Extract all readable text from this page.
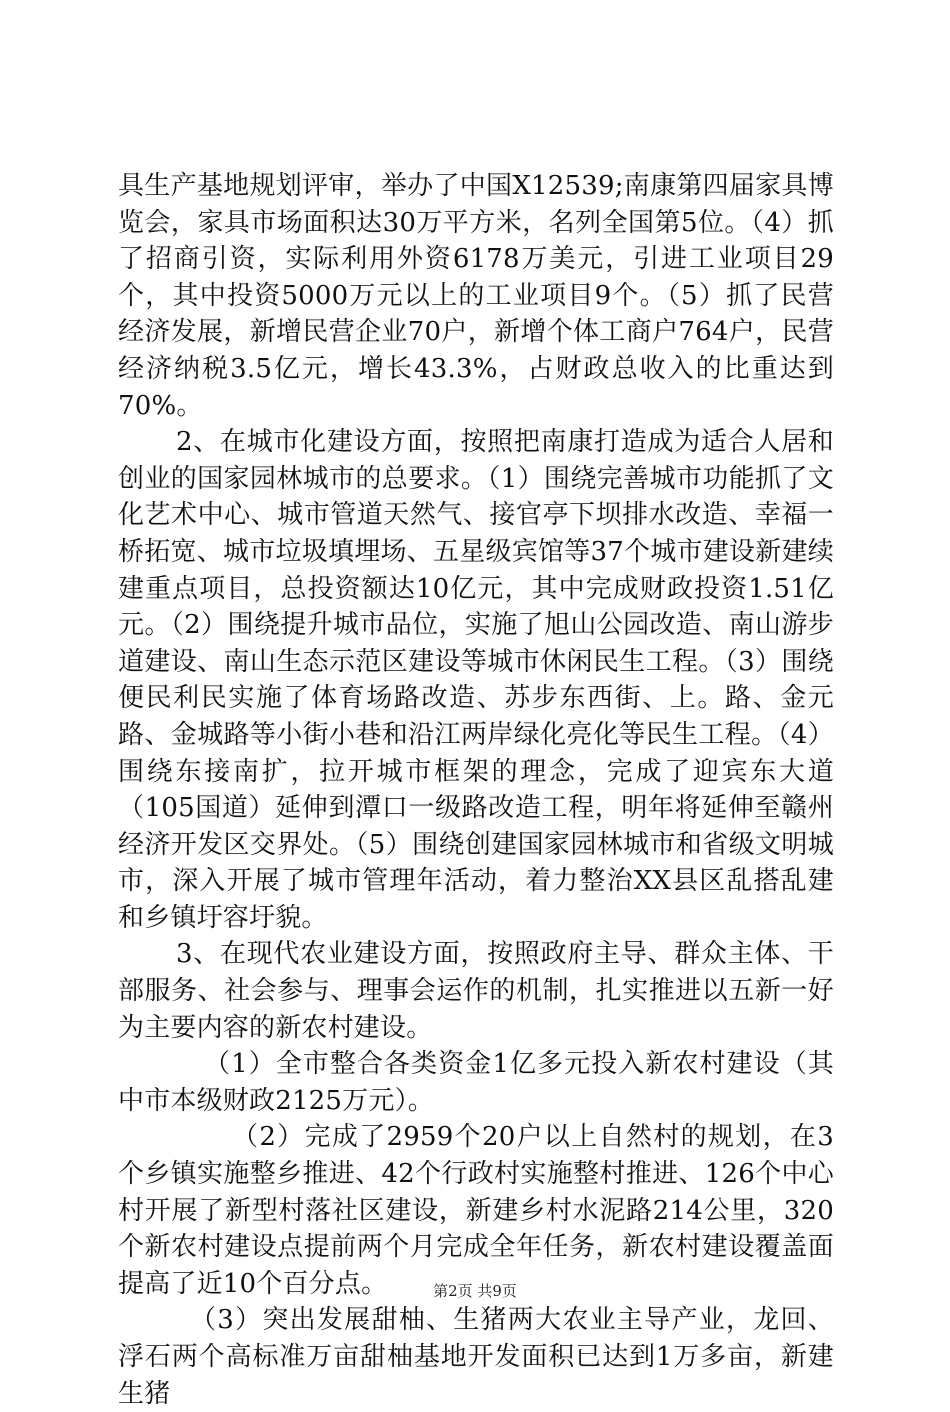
具生产基地规划评审，举办了中国X12539;南康第四届家具博览会，家具市场面积达30万平方米，名列全国第5位。（4）抓了招商引资，实际利用外资6178万美元，引进工业项目29个，其中投资5000万元以上的工业项目9个。（5）抓了民营经济发展，新增民营企业70户，新增个体工商户764户，民营经济纳税3.5亿元，增长43.3%，占财政总收入的比重达到70%。

2、在城市化建设方面，按照把南康打造成为适合人居和创业的国家园林城市的总要求。（1）围绕完善城市功能抓了文化艺术中心、城市管道天然气、接官亭下坝排水改造、幸福一桥拓宽、城市垃圾填埋场、五星级宾馆等37个城市建设新建续建重点项目，总投资额达10亿元，其中完成财政投资1.51亿元。（2）围绕提升城市品位，实施了旭山公园改造、南山游步道建设、南山生态示范区建设等城市休闲民生工程。（3）围绕便民利民实施了体育场路改造、苏步东西街、上。路、金元路、金城路等小街小巷和沿江两岸绿化亮化等民生工程。（4）围绕东接南扩，拉开城市框架的理念，完成了迎宾东大道（105国道）延伸到潭口一级路改造工程，明年将延伸至赣州经济开发区交界处。（5）围绕创建国家园林城市和省级文明城市，深入开展了城市管理年活动，着力整治XX县区乱搭乱建和乡镇圩容圩貌。

3、在现代农业建设方面，按照政府主导、群众主体、干部服务、社会参与、理事会运作的机制，扎实推进以五新一好为主要内容的新农村建设。

（1）全市整合各类资金1亿多元投入新农村建设（其中市本级财政2125万元）。

（2）完成了2959个20户以上自然村的规划，在3个乡镇实施整乡推进、42个行政村实施整村推进、126个中心村开展了新型村落社区建设，新建乡村水泥路214公里，320个新农村建设点提前两个月完成全年任务，新农村建设覆盖面提高了近10个百分点。

（3）突出发展甜柚、生猪两大农业主导产业，龙回、浮石两个高标准万亩甜柚基地开发面积已达到1万多亩，新建生猪

第2页 共9页
